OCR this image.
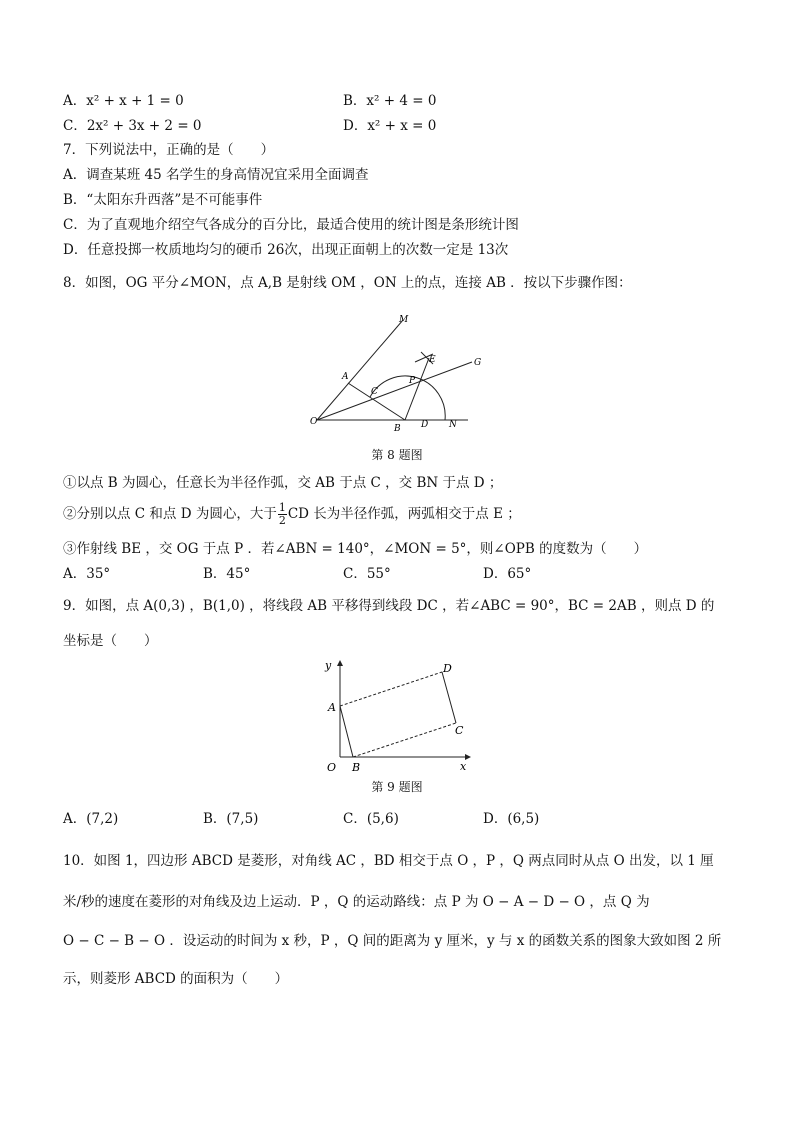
A．x² + x + 1 = 0	B．x² + 4 = 0
C．2x² + 3x + 2 = 0	D．x² + x = 0
7．下列说法中，正确的是（　　）
A．调查某班 45 名学生的身高情况宜采用全面调查
B．“太阳东升西落”是不可能事件
C．为了直观地介绍空气各成分的百分比，最适合使用的统计图是条形统计图
D．任意投掷一枚质地均匀的硬币 26次，出现正面朝上的次数一定是 13次
8．如图，OG 平分∠MON，点 A,B 是射线 OM ，ON 上的点，连接 AB ．按以下步骤作图：
M
E	G
A	P
C
O
B D N
第 8 题图
①以点 B 为圆心，任意长为半径作弧，交 AB 于点 C ，交 BN 于点 D ；
②分别以点 C 和点 D 为圆心，大于 $\frac{1}{2}$ CD 长为半径作弧，两弧相交于点 E ；
③作射线 BE ，交 OG 于点 P ．若∠ABN = 140°，∠MON = 5°，则∠OPB 的度数为（　　）
A．35°	B．45°	C．55°	D．65°
9．如图，点 A(0,3) ，B(1,0) ，将线段 AB 平移得到线段 DC ，若∠ABC = 90°，BC = 2AB ，则点 D 的
坐标是（　　）
y
x
O
A
B
C
D
第 9 题图
A．(7,2)	B．(7,5)	C．(5,6)	D．(6,5)
10．如图 1，四边形 ABCD 是菱形，对角线 AC ，BD 相交于点 O ，P ，Q 两点同时从点 O 出发，以 1 厘
米/秒的速度在菱形的对角线及边上运动．P ，Q 的运动路线：点 P 为 O − A − D − O ，点 Q 为
O − C − B − O ．设运动的时间为 x 秒，P ，Q 间的距离为 y 厘米，y 与 x 的函数关系的图象大致如图 2 所
示，则菱形 ABCD 的面积为（　　）
